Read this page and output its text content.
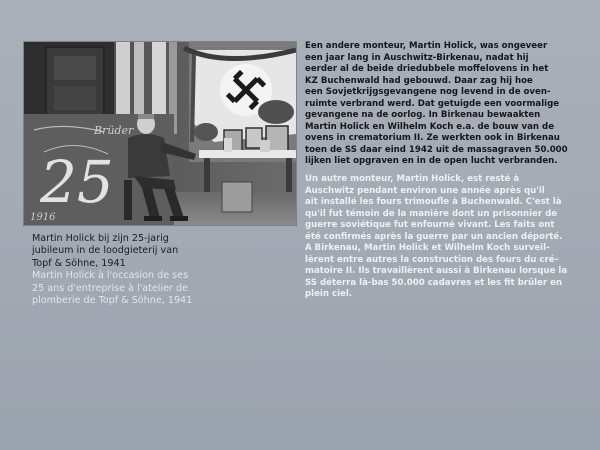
Brüder
25
1916

Martin Holick bij zijn 25-jarig
jubileum in de loodgieterij van
Topf & Söhne, 1941

Martin Holick à l'occasion de ses
25 ans d'entreprise à l'atelier de
plomberie de Topf & Söhne, 1941

Een andere monteur, Martin Holick, was ongeveer
een jaar lang in Auschwitz-Birkenau, nadat hij
eerder al de beide driedubbele moffelovens in het
KZ Buchenwald had gebouwd. Daar zag hij hoe
een Sovjetkrijgsgevangene nog levend in de oven-
ruimte verbrand werd. Dat getuigde een voormalige
gevangene na de oorlog. In Birkenau bewaakten
Martin Holick en Wilhelm Koch e.a. de bouw van de
ovens in crematorium II. Ze werkten ook in Birkenau
toen de SS daar eind 1942 uit de massagraven 50.000
lijken liet opgraven en in de open lucht verbranden.

Un autre monteur, Martin Holick, est resté à
Auschwitz pendant environ une année après qu'il
ait installé les fours trimoufle à Buchenwald. C'est là
qu'il fut témoin de la manière dont un prisonnier de
guerre soviétique fut enfourné vivant. Les faits ont
été confirmés après la guerre par un ancien déporté.
A Birkenau, Martin Holick et Wilhelm Koch surveil-
lèrent entre autres la construction des fours du cré-
matoire II. Ils travaillèrent aussi à Birkenau lorsque la
SS déterra là-bas 50.000 cadavres et les fit brûler en
plein ciel.
